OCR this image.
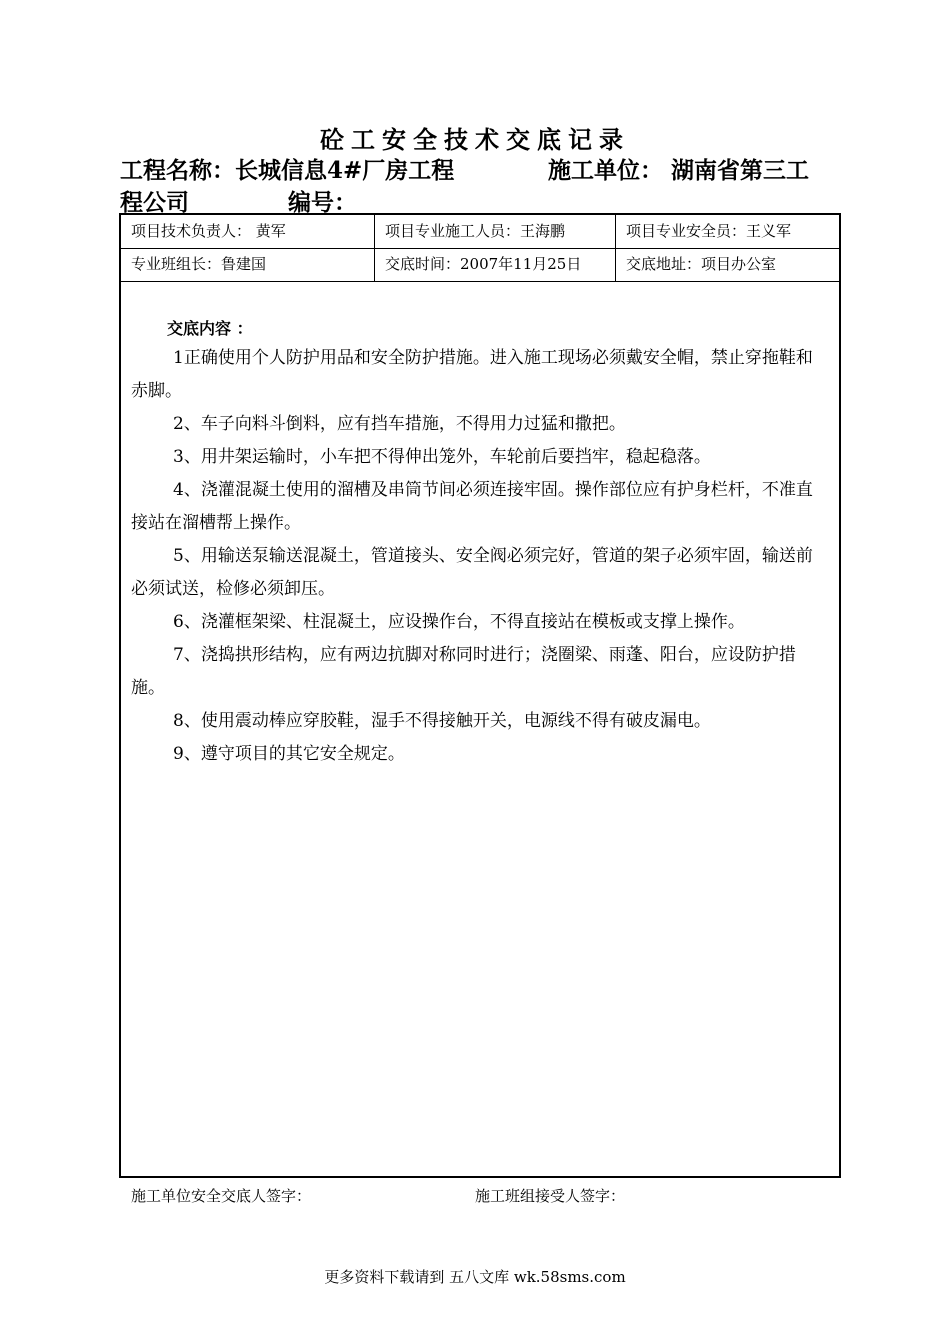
砼工安全技术交底记录
工程名称：长城信息4#厂房工程	施工单位： 湖南省第三工
程公司	编号：
项目技术负责人： 黄军	项目专业施工人员：王海鹏	项目专业安全员：王义军
专业班组长：鲁建国	交底时间：2007年11月25日	交底地址：项目办公室
交底内容 ：

1正确使用个人防护用品和安全防护措施。进入施工现场必须戴安全帽，禁止穿拖鞋和赤脚。

2、车子向料斗倒料，应有挡车措施，不得用力过猛和撒把。

3、用井架运输时，小车把不得伸出笼外，车轮前后要挡牢，稳起稳落。

4、浇灌混凝土使用的溜槽及串筒节间必须连接牢固。操作部位应有护身栏杆，不准直接站在溜槽帮上操作。

5、用输送泵输送混凝土，管道接头、安全阀必须完好，管道的架子必须牢固，输送前必须试送，检修必须卸压。

6、浇灌框架梁、柱混凝土，应设操作台，不得直接站在模板或支撑上操作。

7、浇捣拱形结构，应有两边抗脚对称同时进行；浇圈梁、雨蓬、阳台，应设防护措施。

8、使用震动棒应穿胶鞋，湿手不得接触开关，电源线不得有破皮漏电。

9、遵守项目的其它安全规定。

施工单位安全交底人签字：	施工班组接受人签字：
更多资料下载请到 五八文库 wk.58sms.com
